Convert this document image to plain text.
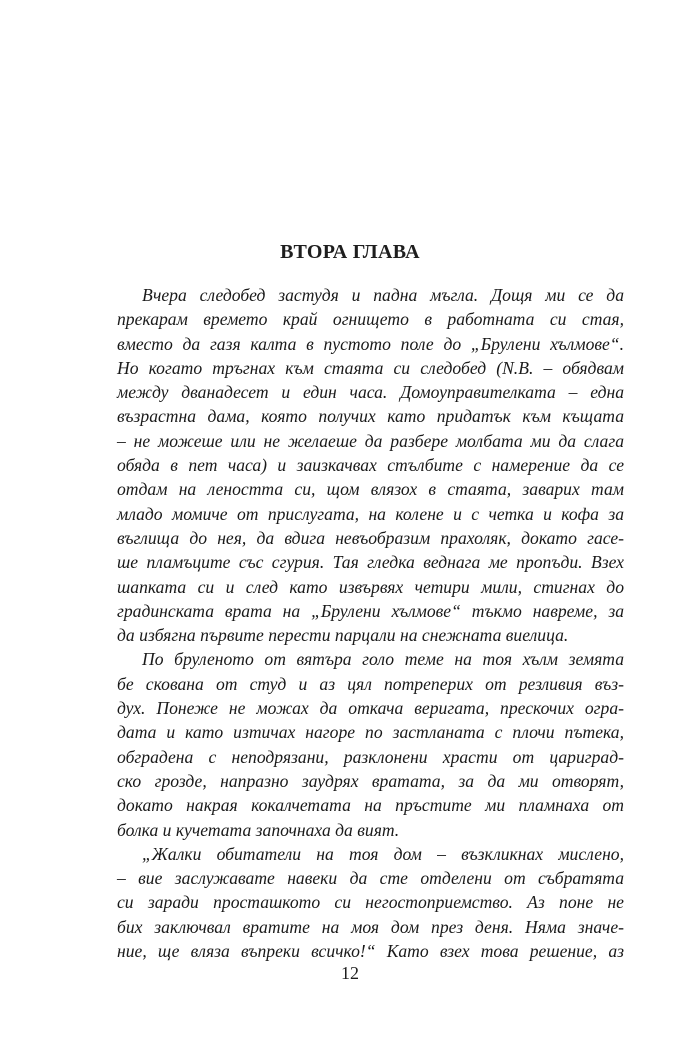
ВТОРА ГЛАВА
Вчера следобед застудя и падна мъгла. Дощя ми се да
прекарам времето край огнището в работната си стая,
вместо да газя калта в пустото поле до „Брулени хълмове“.
Но когато тръгнах към стаята си следобед (N.B. – обядвам
между дванадесет и един часа. Домоуправителката – една
възрастна дама, която получих като придатък към къщата
– не можеше или не желаеше да разбере молбата ми да слага
обяда в пет часа) и заизкачвах стълбите с намерение да се
отдам на леността си, щом влязох в стаята, заварих там
младо момиче от прислугата, на колене и с четка и кофа за
въглища до нея, да вдига невъобразим прахоляк, докато гасе-
ше пламъците със сгурия. Тая гледка веднага ме пропъди. Взех
шапката си и след като извървях четири мили, стигнах до
градинската врата на „Брулени хълмове“ тъкмо навреме, за
да избягна първите перести парцали на снежната виелица.
По бруленото от вятъра голо теме на тоя хълм земята
бе скована от студ и аз цял потреперих от резливия въз-
дух. Понеже не можах да откача веригата, прескочих огра-
дата и като изтичах нагоре по застланата с плочи пътека,
обградена с неподрязани, разклонени храсти от цариград-
ско грозде, напразно заудрях вратата, за да ми отворят,
докато накрая кокалчетата на пръстите ми пламнаха от
болка и кучетата започнаха да вият.
„Жалки обитатели на тоя дом – възкликнах мислено,
– вие заслужавате навеки да сте отделени от събратята
си заради просташкото си негостоприемство. Аз поне не
бих заключвал вратите на моя дом през деня. Няма значе-
ние, ще вляза въпреки всичко!“ Като взех това решение, аз
12
